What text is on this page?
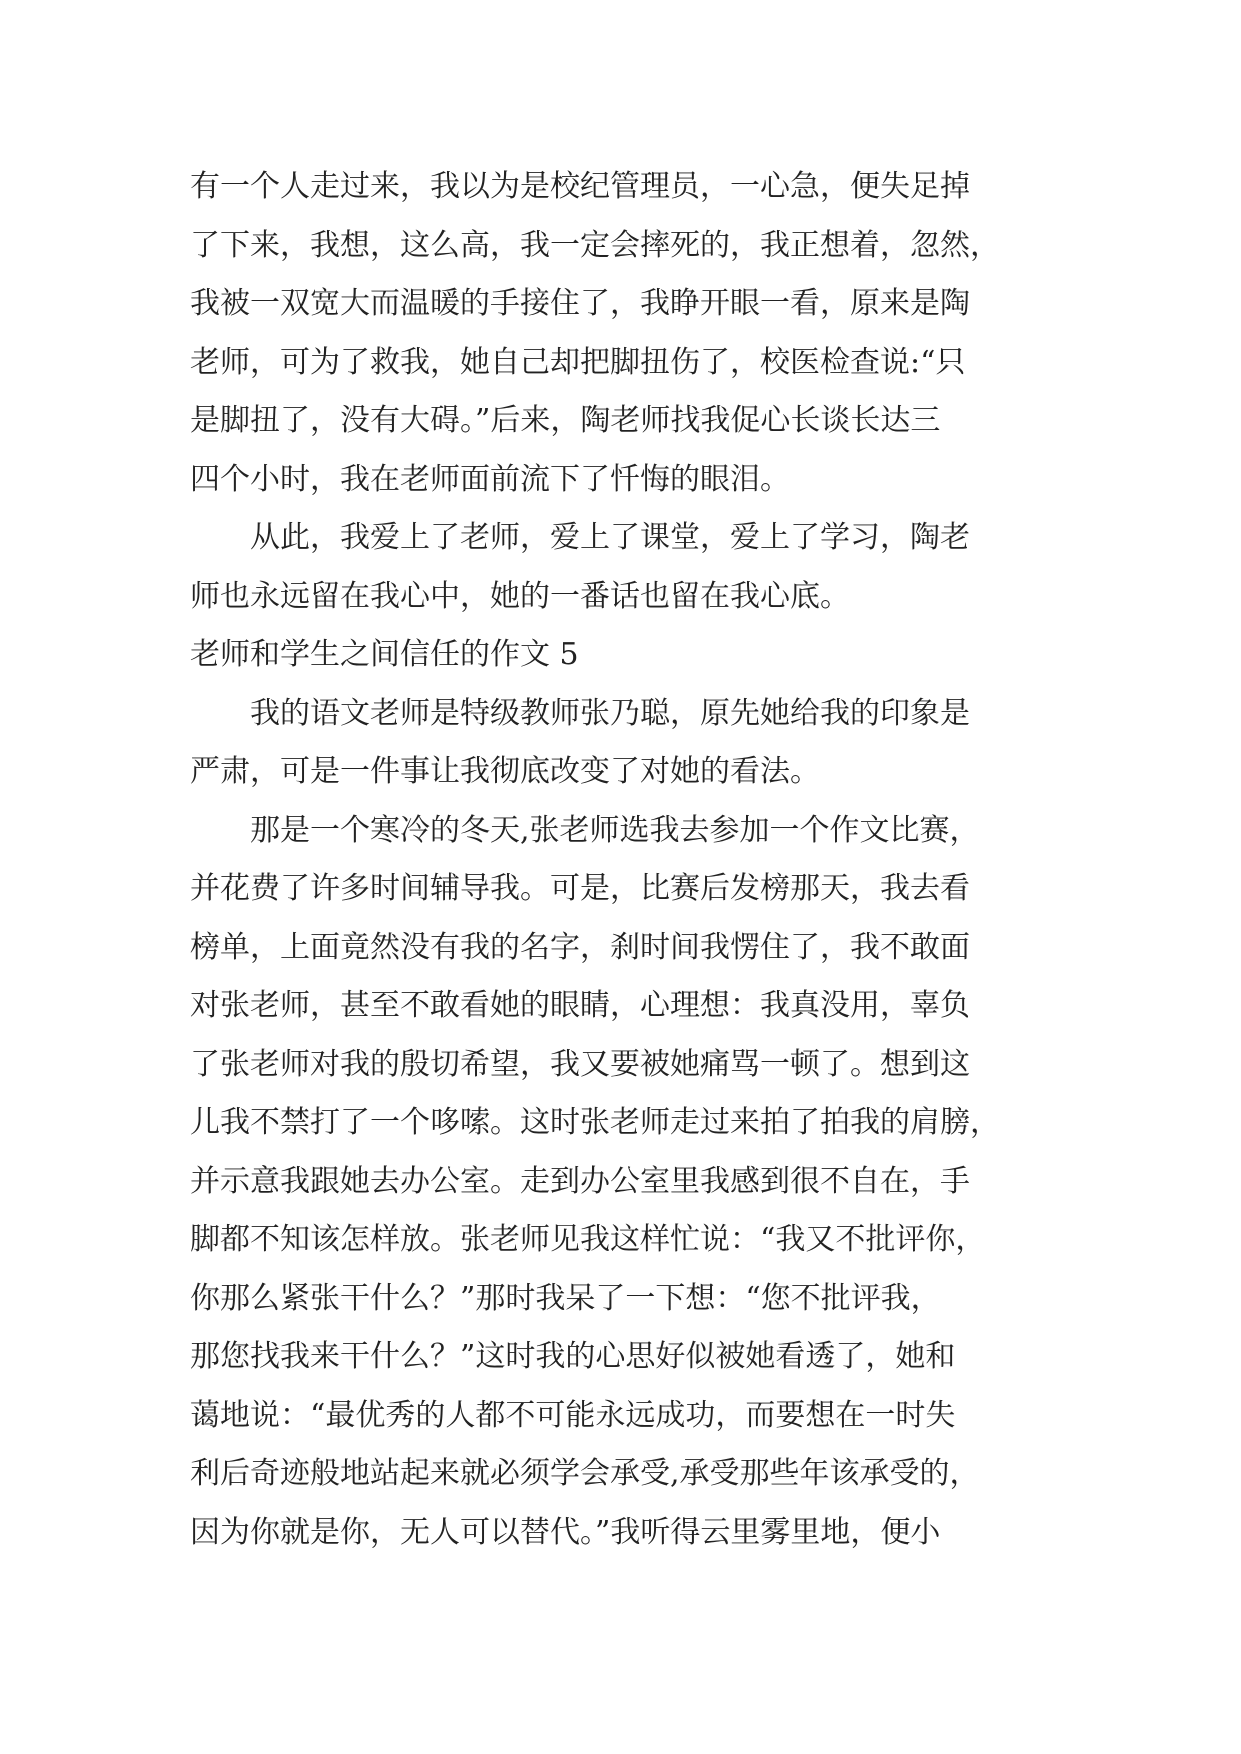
有一个人走过来，我以为是校纪管理员，一心急，便失足掉
了下来，我想，这么高，我一定会摔死的，我正想着，忽然，
我被一双宽大而温暖的手接住了，我睁开眼一看，原来是陶
老师，可为了救我，她自己却把脚扭伤了，校医检查说:“只
是脚扭了，没有大碍。”后来，陶老师找我促心长谈长达三
四个小时，我在老师面前流下了忏悔的眼泪。
从此，我爱上了老师，爱上了课堂，爱上了学习，陶老
师也永远留在我心中，她的一番话也留在我心底。
老师和学生之间信任的作文 5
我的语文老师是特级教师张乃聪，原先她给我的印象是
严肃，可是一件事让我彻底改变了对她的看法。
那是一个寒冷的冬天,张老师选我去参加一个作文比赛，
并花费了许多时间辅导我。可是，比赛后发榜那天，我去看
榜单，上面竟然没有我的名字，刹时间我愣住了，我不敢面
对张老师，甚至不敢看她的眼睛，心理想：我真没用，辜负
了张老师对我的殷切希望，我又要被她痛骂一顿了。想到这
儿我不禁打了一个哆嗦。这时张老师走过来拍了拍我的肩膀，
并示意我跟她去办公室。走到办公室里我感到很不自在，手
脚都不知该怎样放。张老师见我这样忙说：“我又不批评你，
你那么紧张干什么？”那时我呆了一下想：“您不批评我，
那您找我来干什么？”这时我的心思好似被她看透了，她和
蔼地说：“最优秀的人都不可能永远成功，而要想在一时失
利后奇迹般地站起来就必须学会承受,承受那些年该承受的，
因为你就是你，无人可以替代。”我听得云里雾里地，便小
